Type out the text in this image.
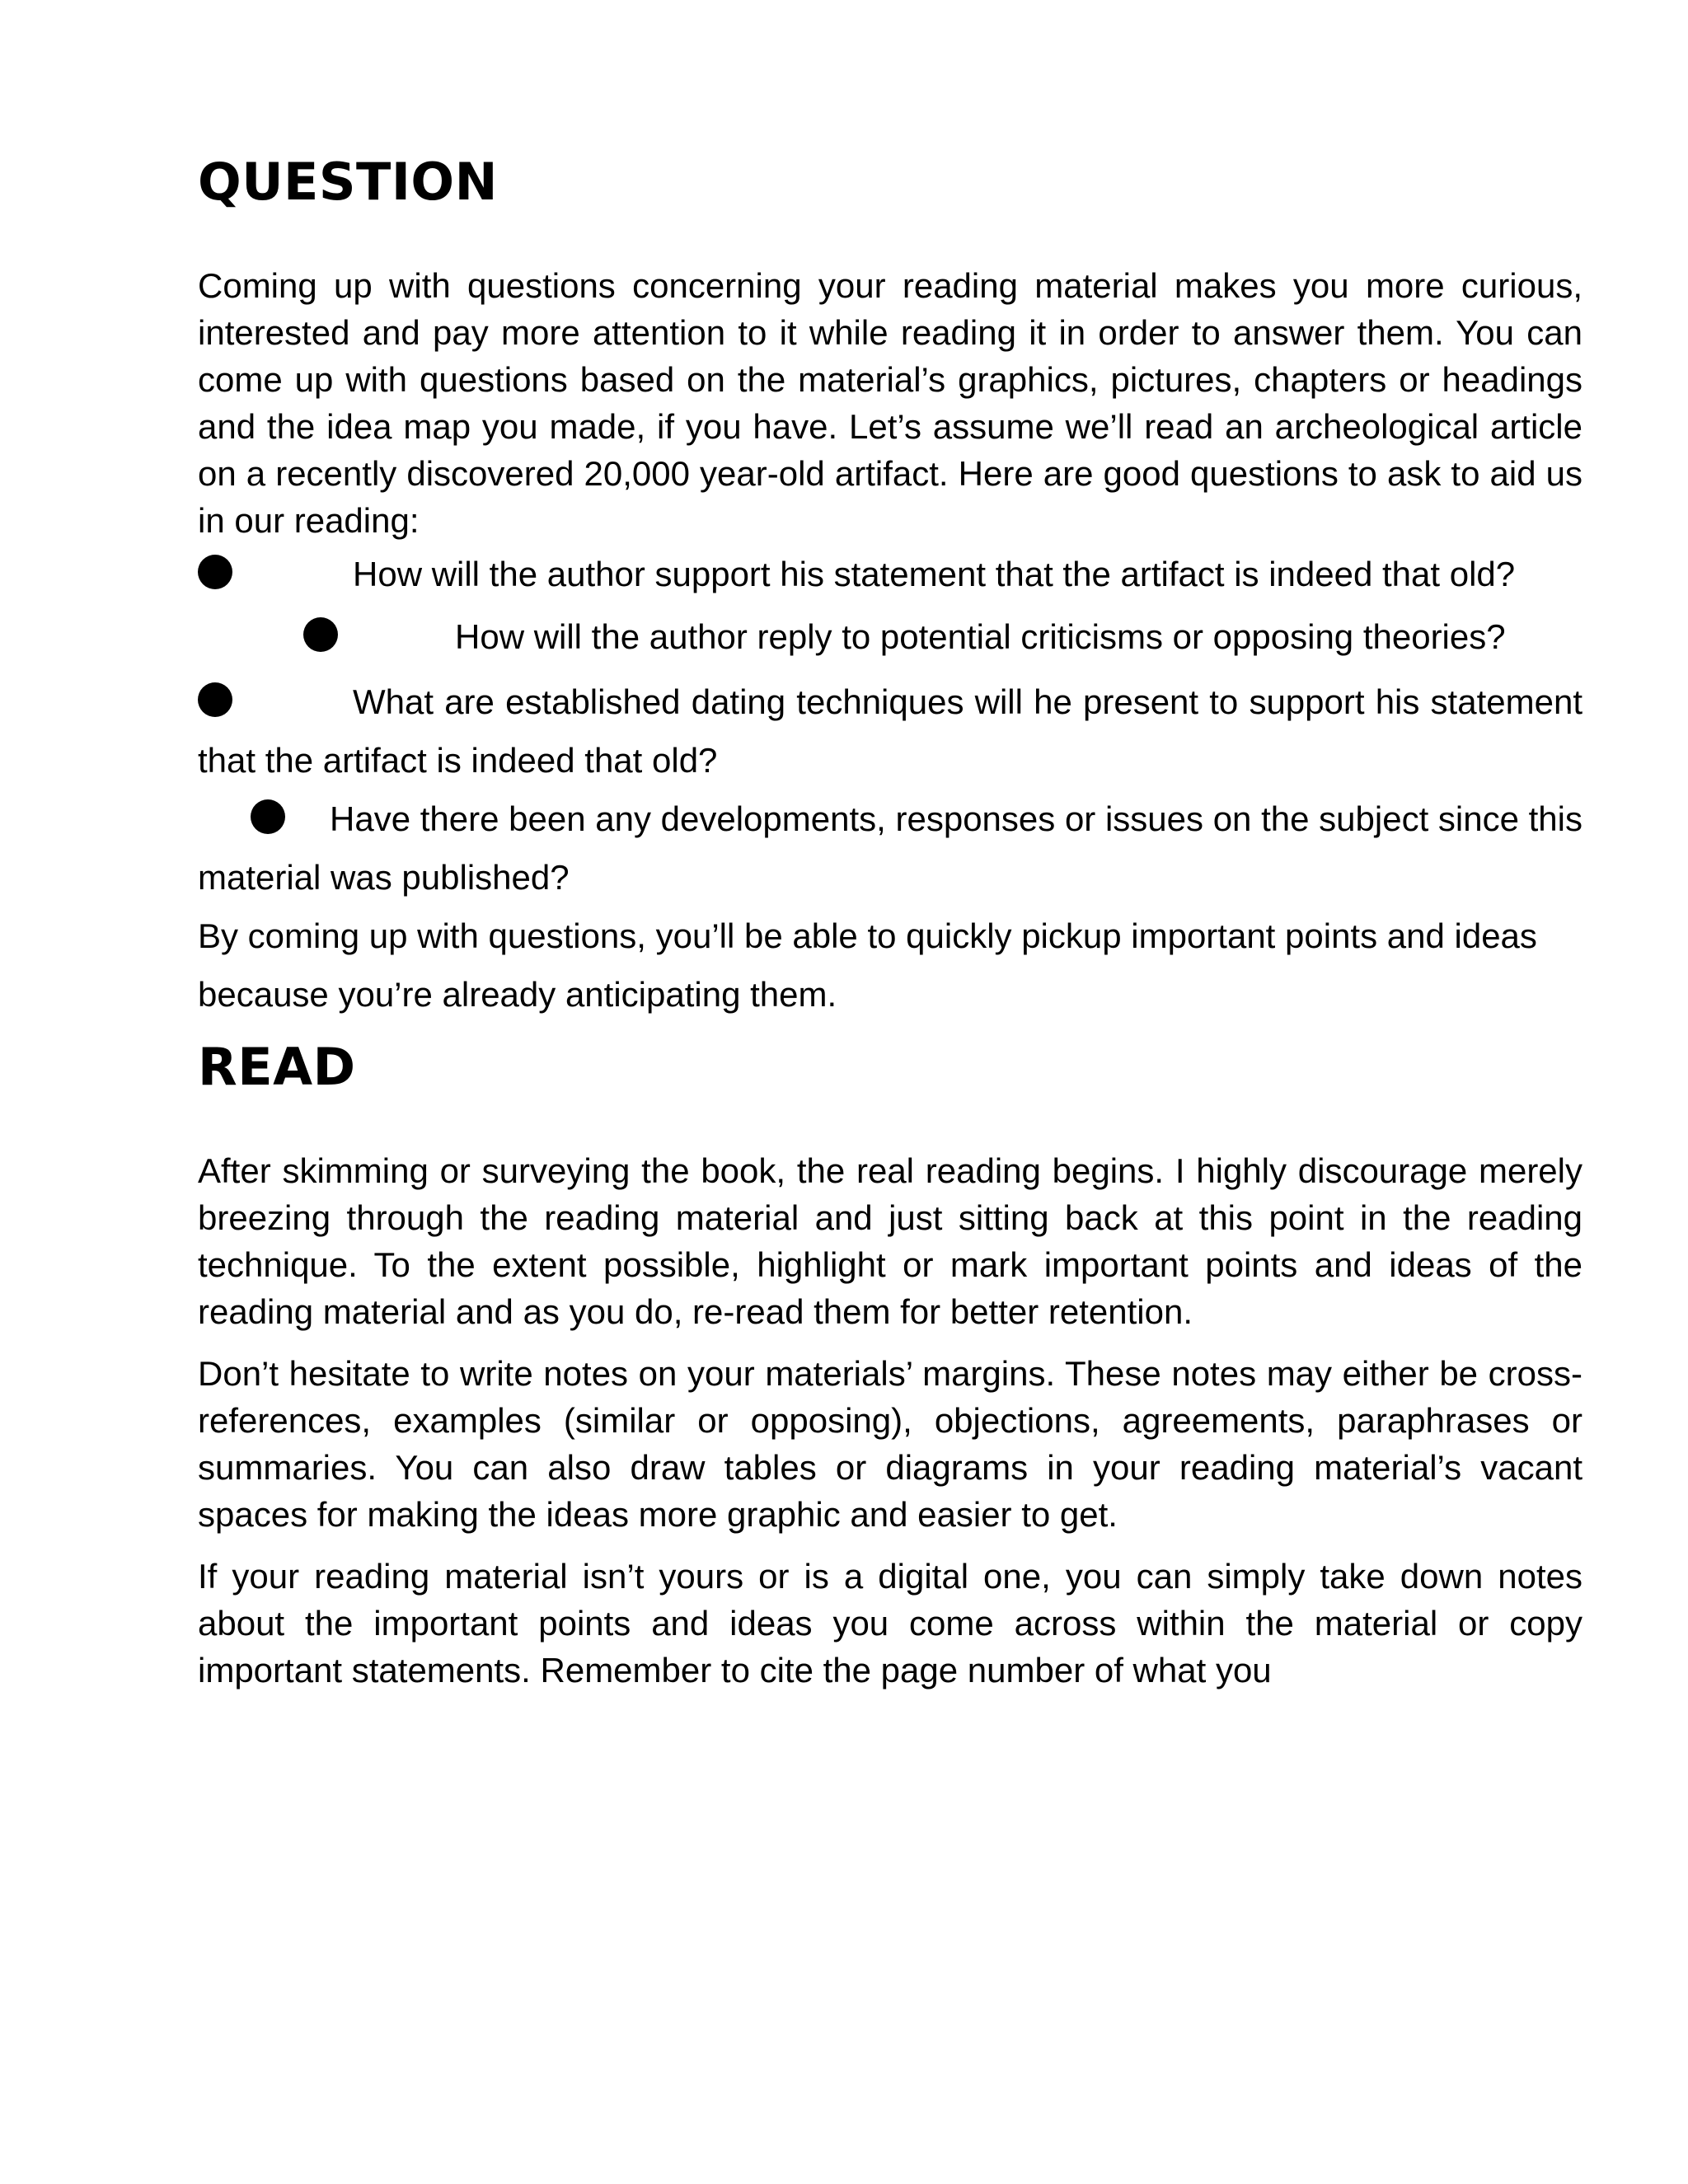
QUESTION

Coming up with questions concerning your reading material makes you more curious, interested and pay more attention to it while reading it in order to answer them. You can come up with questions based on the material’s graphics, pictures, chapters or headings and the idea map you made, if you have. Let’s assume we’ll read an archeological article on a recently discovered 20,000 year-old artifact. Here are good questions to ask to aid us in our reading:

How will the author support his statement that the artifact is indeed that old?

How will the author reply to potential criticisms or opposing theories?

What are established dating techniques will he present to support his statement that the artifact is indeed that old?

Have there been any developments, responses or issues on the subject since this material was published?

By coming up with questions, you’ll be able to quickly pickup important points and ideas because you’re already anticipating them.

READ

After skimming or surveying the book, the real reading begins. I highly discourage merely breezing through the reading material and just sitting back at this point in the reading technique. To the extent possible, highlight or mark important points and ideas of the reading material and as you do, re-read them for better retention.

Don’t hesitate to write notes on your materials’ margins. These notes may either be cross-references, examples (similar or opposing), objections, agreements, paraphrases or summaries. You can also draw tables or diagrams in your reading material’s vacant spaces for making the ideas more graphic and easier to get.

If your reading material isn’t yours or is a digital one, you can simply take down notes about the important points and ideas you come across within the material or copy important statements. Remember to cite the page number of what you
